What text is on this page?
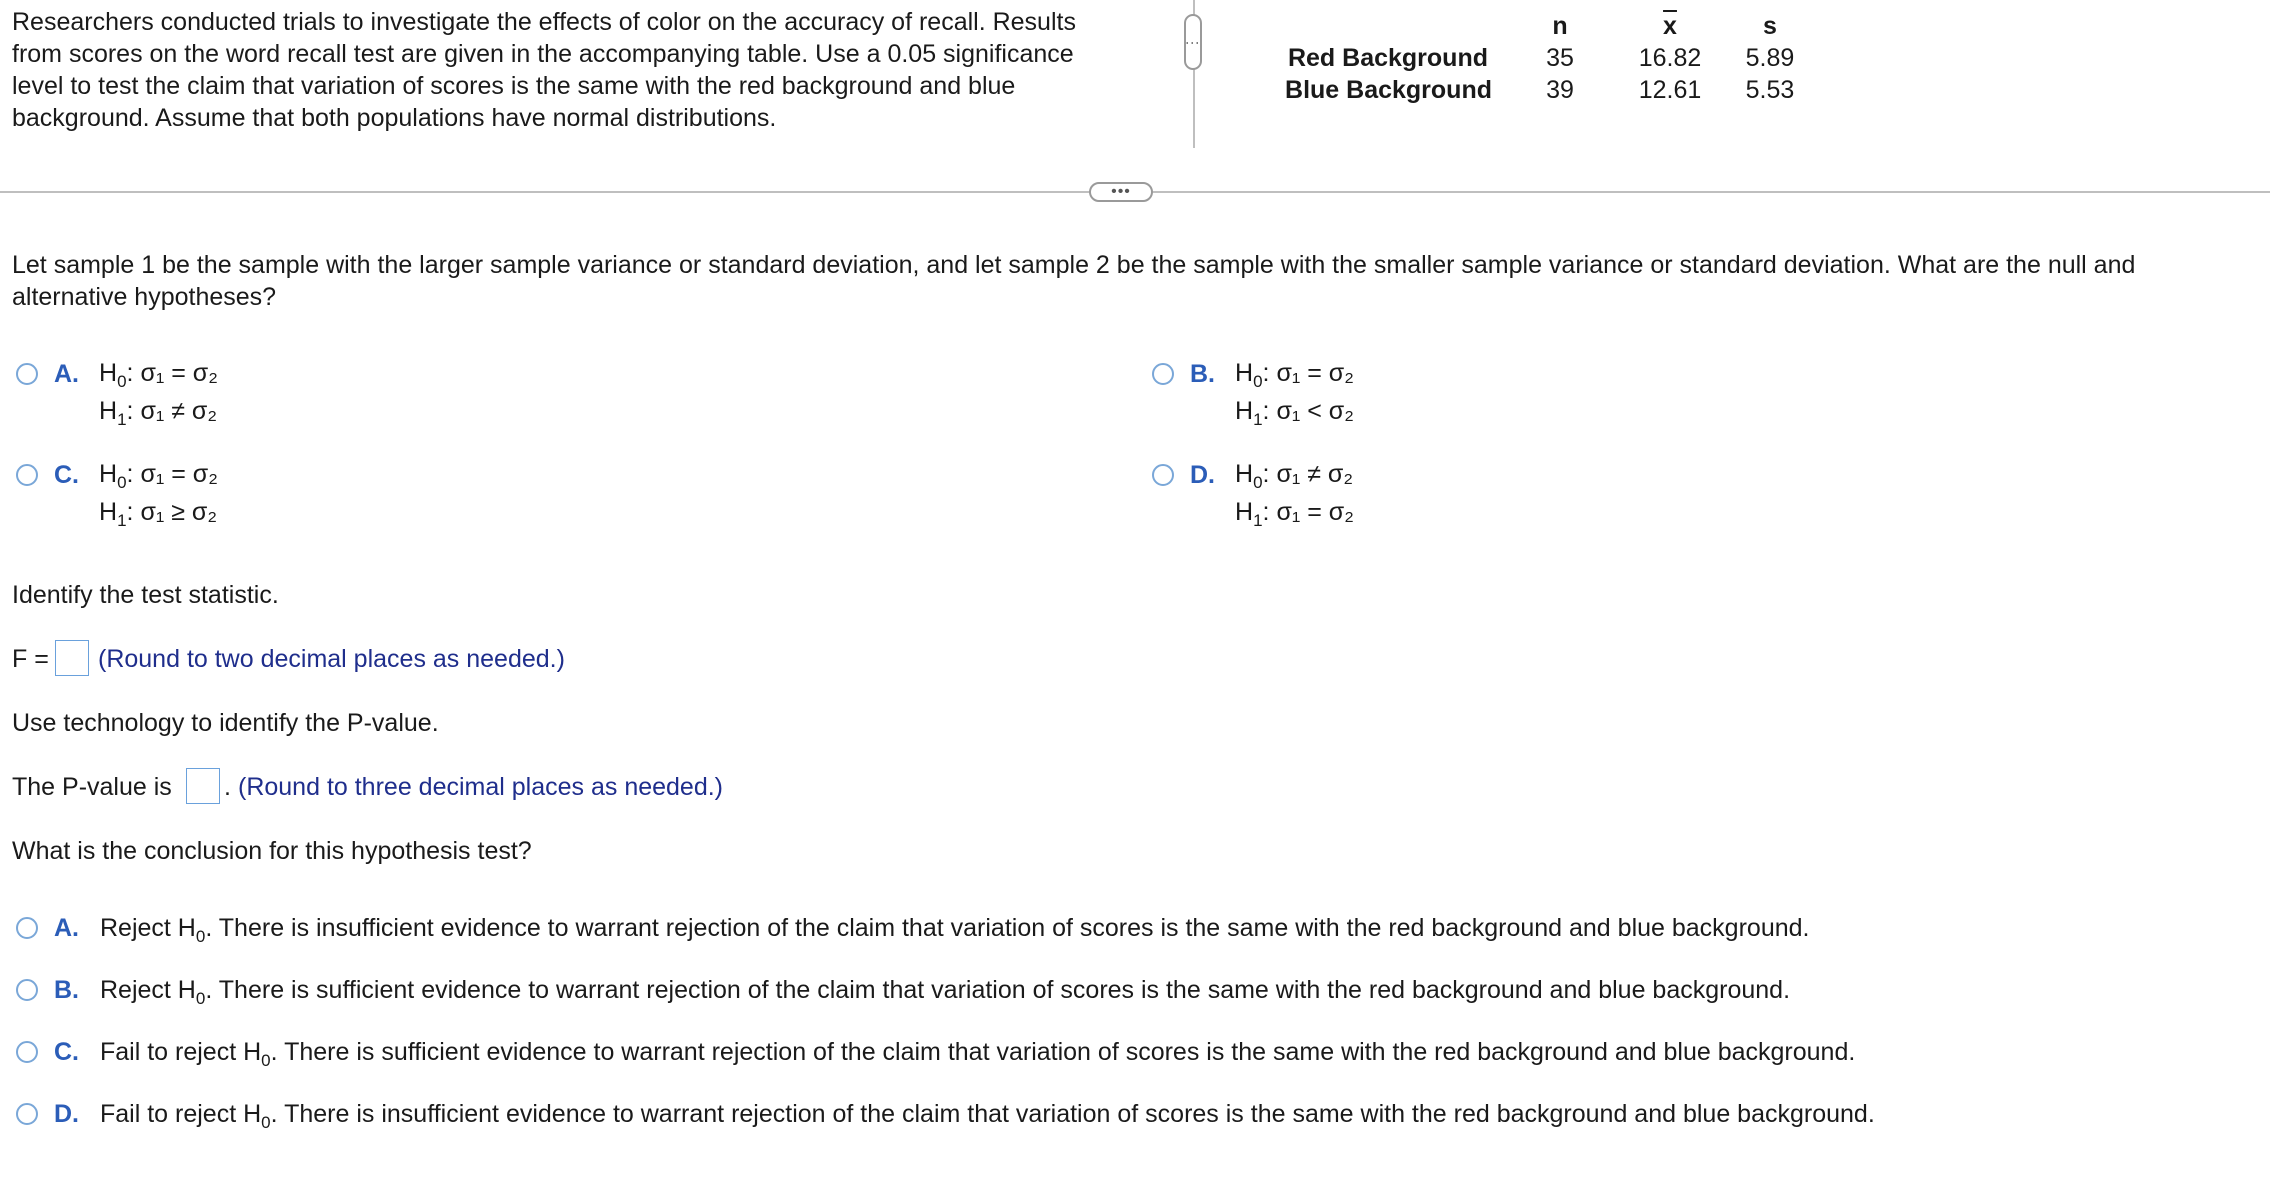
Researchers conducted trials to investigate the effects of color on the accuracy of recall. Results
from scores on the word recall test are given in the accompanying table. Use a 0.05 significance
level to test the claim that variation of scores is the same with the red background and blue
background. Assume that both populations have normal distributions.
⋮
n	$\overline{x}$	s
Red Background 35	16.82	5.89
Blue Background 39	12.61	5.53
•••
Let sample 1 be the sample with the larger sample variance or standard deviation, and let sample 2 be the sample with the smaller sample variance or standard deviation. What are the null and
alternative hypotheses?
A. $H_0$: σ₁ = σ₂
$H_1$: σ₁ ≠ σ₂
B. $H_0$: σ₁ = σ₂
$H_1$: σ₁ < σ₂
C. $H_0$: σ₁ = σ₂
$H_1$: σ₁ ≥ σ₂
D. $H_0$: σ₁ ≠ σ₂
$H_1$: σ₁ = σ₂
Identify the test statistic.
F = (Round to two decimal places as needed.)
Use technology to identify the P-value.
The P-value is . (Round to three decimal places as needed.)
What is the conclusion for this hypothesis test?
A. Reject $H_0$. There is insufficient evidence to warrant rejection of the claim that variation of scores is the same with the red background and blue background.
B. Reject $H_0$. There is sufficient evidence to warrant rejection of the claim that variation of scores is the same with the red background and blue background.
C. Fail to reject $H_0$. There is sufficient evidence to warrant rejection of the claim that variation of scores is the same with the red background and blue background.
D. Fail to reject $H_0$. There is insufficient evidence to warrant rejection of the claim that variation of scores is the same with the red background and blue background.
